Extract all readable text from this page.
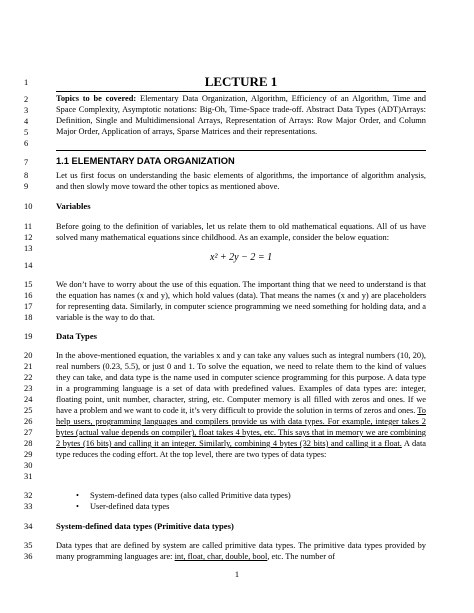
1
2
3
4
5
6
7
8
9
10
11
12
13
14
15
16
17
18
19
20
21
22
23
24
25
26
27
28
29
30
31
32
33
34
35
36
LECTURE 1
Topics to be covered: Elementary Data Organization, Algorithm, Efficiency of an Algorithm, Time and Space Complexity, Asymptotic notations: Big-Oh, Time-Space trade-off. Abstract Data Types (ADT)Arrays: Definition, Single and Multidimensional Arrays, Representation of Arrays: Row Major Order, and Column Major Order, Application of arrays, Sparse Matrices and their representations.
1.1 ELEMENTARY DATA ORGANIZATION
Let us first focus on understanding the basic elements of algorithms, the importance of algorithm analysis, and then slowly move toward the other topics as mentioned above.
Variables
Before going to the definition of variables, let us relate them to old mathematical equations. All of us have solved many mathematical equations since childhood. As an example, consider the below equation:
x² + 2y − 2 = 1
We don’t have to worry about the use of this equation. The important thing that we need to understand is that the equation has names (x and y), which hold values (data). That means the names (x and y) are placeholders for representing data. Similarly, in computer science programming we need something for holding data, and a variable is the way to do that.
Data Types
In the above-mentioned equation, the variables x and y can take any values such as integral numbers (10, 20), real numbers (0.23, 5.5), or just 0 and 1. To solve the equation, we need to relate them to the kind of values they can take, and data type is the name used in computer science programming for this purpose. A data type in a programming language is a set of data with predefined values. Examples of data types are: integer, floating point, unit number, character, string, etc. Computer memory is all filled with zeros and ones. If we have a problem and we want to code it, it’s very difficult to provide the solution in terms of zeros and ones. To help users, programming languages and compilers provide us with data types. For example, integer takes 2 bytes (actual value depends on compiler), float takes 4 bytes, etc. This says that in memory we are combining 2 bytes (16 bits) and calling it an integer. Similarly, combining 4 bytes (32 bits) and calling it a float. A data type reduces the coding effort. At the top level, there are two types of data types:
• System-defined data types (also called Primitive data types)
• User-defined data types
System-defined data types (Primitive data types)
Data types that are defined by system are called primitive data types. The primitive data types provided by many programming languages are: int, float, char, double, bool, etc. The number of
1
